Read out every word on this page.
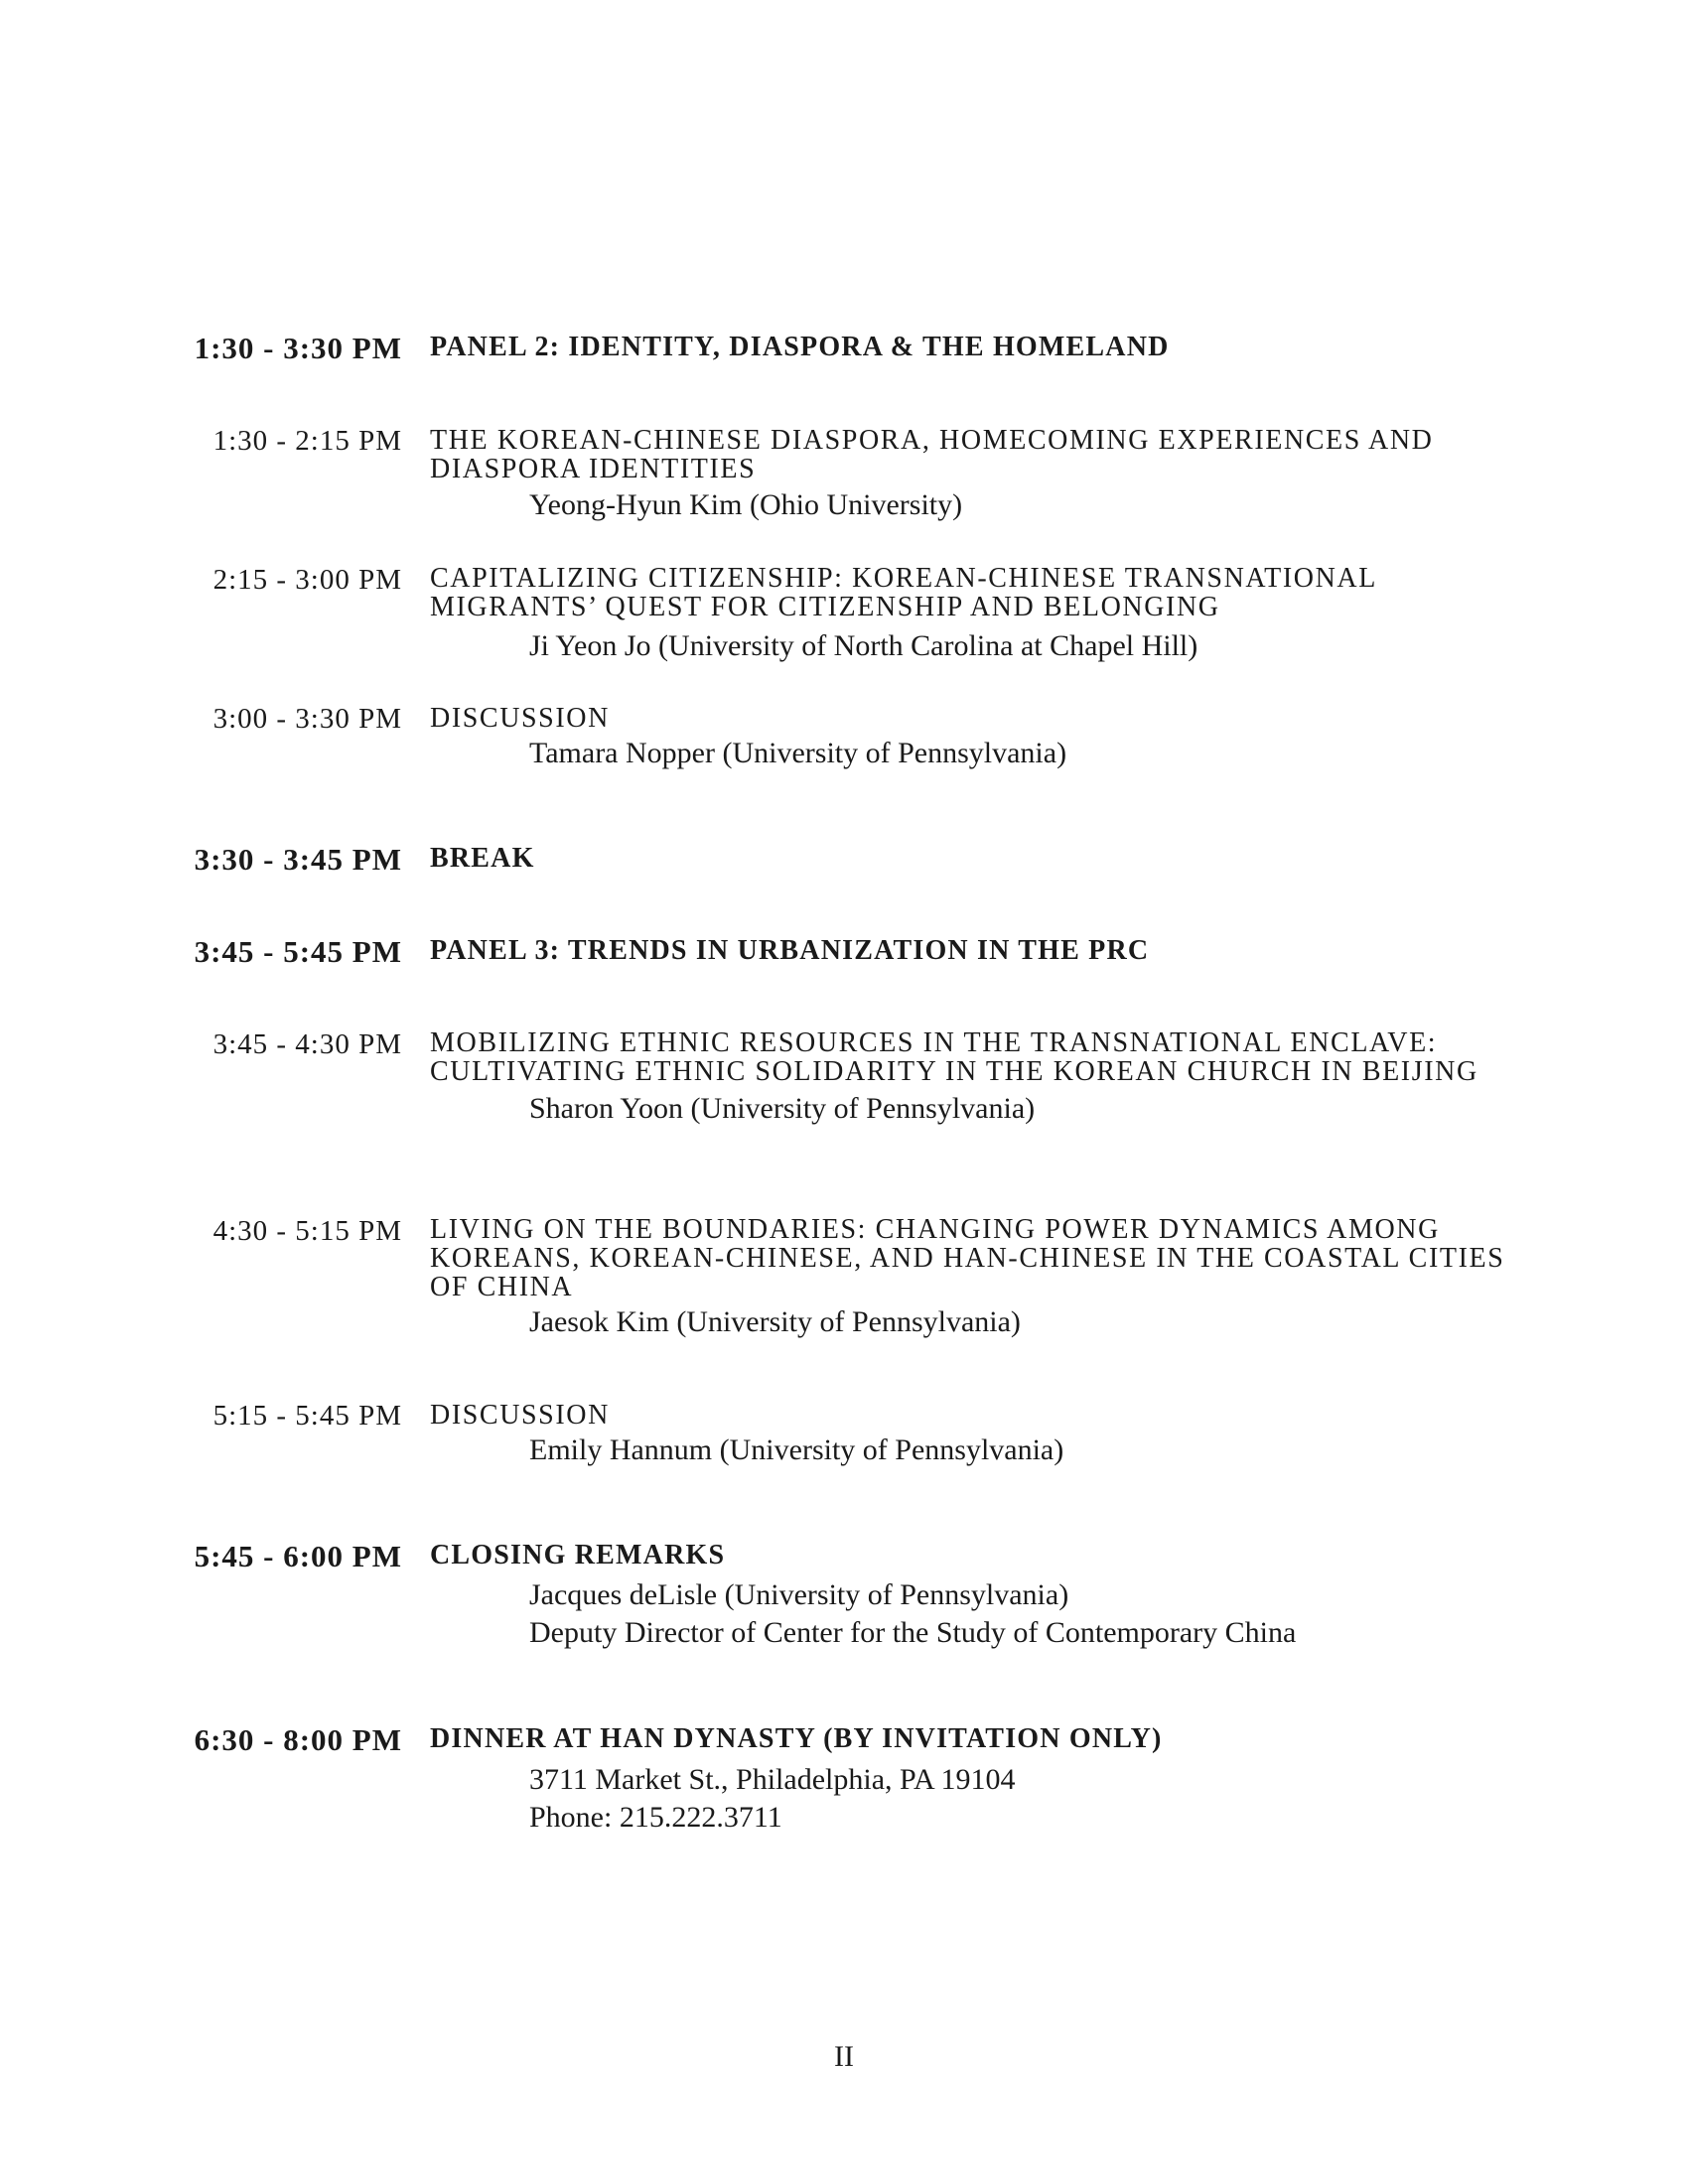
1:30 - 3:30 PM PANEL 2: IDENTITY, DIASPORA & THE HOMELAND
1:30 - 2:15 PM THE KOREAN-CHINESE DIASPORA, HOMECOMING EXPERIENCES AND
DIASPORA IDENTITIES
Yeong-Hyun Kim (Ohio University)
2:15 - 3:00 PM CAPITALIZING CITIZENSHIP: KOREAN-CHINESE TRANSNATIONAL
MIGRANTS’ QUEST FOR CITIZENSHIP AND BELONGING
Ji Yeon Jo (University of North Carolina at Chapel Hill)
3:00 - 3:30 PM DISCUSSION
Tamara Nopper (University of Pennsylvania)
3:30 - 3:45 PM BREAK
3:45 - 5:45 PM PANEL 3: TRENDS IN URBANIZATION IN THE PRC
3:45 - 4:30 PM MOBILIZING ETHNIC RESOURCES IN THE TRANSNATIONAL ENCLAVE:
CULTIVATING ETHNIC SOLIDARITY IN THE KOREAN CHURCH IN BEIJING
Sharon Yoon (University of Pennsylvania)
4:30 - 5:15 PM LIVING ON THE BOUNDARIES: CHANGING POWER DYNAMICS AMONG
KOREANS, KOREAN-CHINESE, AND HAN-CHINESE IN THE COASTAL CITIES
OF CHINA
Jaesok Kim (University of Pennsylvania)
5:15 - 5:45 PM DISCUSSION
Emily Hannum (University of Pennsylvania)
5:45 - 6:00 PM CLOSING REMARKS
Jacques deLisle (University of Pennsylvania)
Deputy Director of Center for the Study of Contemporary China
6:30 - 8:00 PM DINNER AT HAN DYNASTY (BY INVITATION ONLY)
3711 Market St., Philadelphia, PA 19104
Phone: 215.222.3711
II
